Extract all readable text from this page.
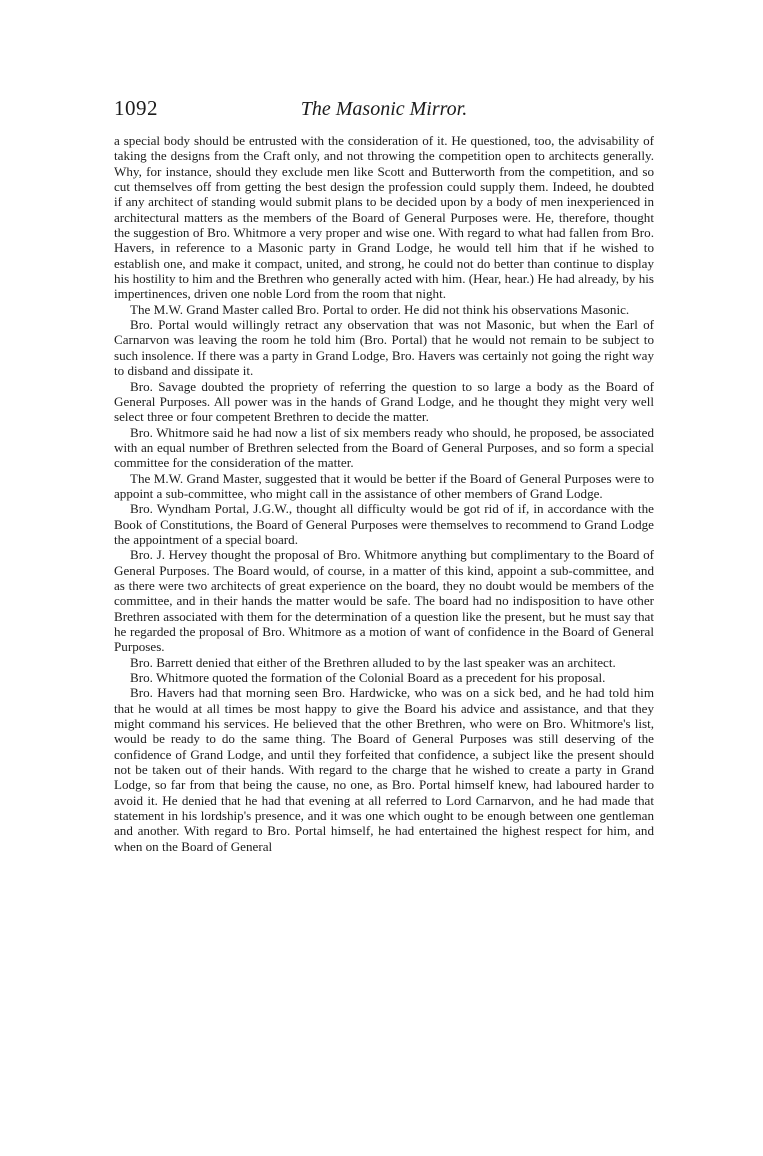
1092	The Masonic Mirror.

a special body should be entrusted with the consideration of it. He questioned, too, the advisability of taking the designs from the Craft only, and not throwing the competition open to architects generally. Why, for instance, should they exclude men like Scott and Butterworth from the competition, and so cut themselves off from getting the best design the profession could supply them. Indeed, he doubted if any architect of standing would submit plans to be decided upon by a body of men inexperienced in architectural matters as the members of the Board of General Purposes were. He, therefore, thought the suggestion of Bro. Whitmore a very proper and wise one. With regard to what had fallen from Bro. Havers, in reference to a Masonic party in Grand Lodge, he would tell him that if he wished to establish one, and make it compact, united, and strong, he could not do better than continue to display his hostility to him and the Brethren who generally acted with him. (Hear, hear.) He had already, by his impertinences, driven one noble Lord from the room that night.

The M.W. Grand Master called Bro. Portal to order. He did not think his observations Masonic.

Bro. Portal would willingly retract any observation that was not Masonic, but when the Earl of Carnarvon was leaving the room he told him (Bro. Portal) that he would not remain to be subject to such insolence. If there was a party in Grand Lodge, Bro. Havers was certainly not going the right way to disband and dissipate it.

Bro. Savage doubted the propriety of referring the question to so large a body as the Board of General Purposes. All power was in the hands of Grand Lodge, and he thought they might very well select three or four competent Brethren to decide the matter.

Bro. Whitmore said he had now a list of six members ready who should, he proposed, be associated with an equal number of Brethren selected from the Board of General Purposes, and so form a special committee for the consideration of the matter.

The M.W. Grand Master, suggested that it would be better if the Board of General Purposes were to appoint a sub-committee, who might call in the assistance of other members of Grand Lodge.

Bro. Wyndham Portal, J.G.W., thought all difficulty would be got rid of if, in accordance with the Book of Constitutions, the Board of General Purposes were themselves to recommend to Grand Lodge the appointment of a special board.

Bro. J. Hervey thought the proposal of Bro. Whitmore anything but complimentary to the Board of General Purposes. The Board would, of course, in a matter of this kind, appoint a sub-committee, and as there were two architects of great experience on the board, they no doubt would be members of the committee, and in their hands the matter would be safe. The board had no indisposition to have other Brethren associated with them for the determination of a question like the present, but he must say that he regarded the proposal of Bro. Whitmore as a motion of want of confidence in the Board of General Purposes.

Bro. Barrett denied that either of the Brethren alluded to by the last speaker was an architect.

Bro. Whitmore quoted the formation of the Colonial Board as a precedent for his proposal.

Bro. Havers had that morning seen Bro. Hardwicke, who was on a sick bed, and he had told him that he would at all times be most happy to give the Board his advice and assistance, and that they might command his services. He believed that the other Brethren, who were on Bro. Whitmore's list, would be ready to do the same thing. The Board of General Purposes was still deserving of the confidence of Grand Lodge, and until they forfeited that confidence, a subject like the present should not be taken out of their hands. With regard to the charge that he wished to create a party in Grand Lodge, so far from that being the cause, no one, as Bro. Portal himself knew, had laboured harder to avoid it. He denied that he had that evening at all referred to Lord Carnarvon, and he had made that statement in his lordship's presence, and it was one which ought to be enough between one gentleman and another. With regard to Bro. Portal himself, he had entertained the highest respect for him, and when on the Board of General
